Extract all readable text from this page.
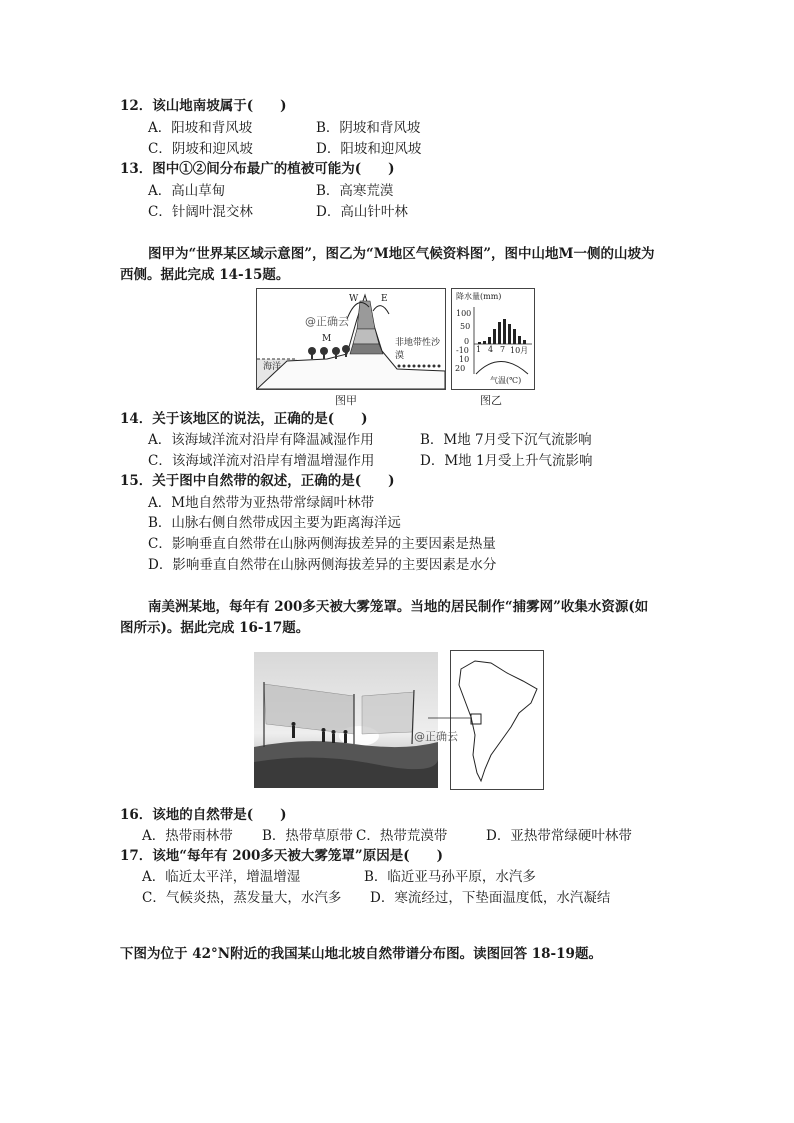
12．该山地南坡属于(　　)
A．阳坡和背风坡	B．阴坡和背风坡
C．阴坡和迎风坡	D．阳坡和迎风坡
13．图中①②间分布最广的植被可能为(　　)
A．高山草甸	B．高寒荒漠
C．针阔叶混交林	D．高山针叶林
图甲为“世界某区域示意图”，图乙为“M地区气候资料图”，图中山地M一侧的山坡为
西侧。据此完成 14-15题。
W	E
M
海洋
非地带性沙漠
@正确云
图甲
降水量(mm)
100
50
0
-10
10
20
1 4 7 10月
气温(℃)
图乙
14．关于该地区的说法，正确的是(　　)
A．该海域洋流对沿岸有降温减湿作用	B．M地 7月受下沉气流影响
C．该海域洋流对沿岸有增温增湿作用	D．M地 1月受上升气流影响
15．关于图中自然带的叙述，正确的是(　　)
A．M地自然带为亚热带常绿阔叶林带
B．山脉右侧自然带成因主要为距离海洋远
C．影响垂直自然带在山脉两侧海拔差异的主要因素是热量
D．影响垂直自然带在山脉两侧海拔差异的主要因素是水分
南美洲某地，每年有 200多天被大雾笼罩。当地的居民制作“捕雾网”收集水资源(如
图所示)。据此完成 16-17题。
@正确云
16．该地的自然带是(　　)
A．热带雨林带 B．热带草原带 C．热带荒漠带	D．亚热带常绿硬叶林带
17．该地“每年有 200多天被大雾笼罩”原因是(　　)
A．临近太平洋，增温增湿	B．临近亚马孙平原，水汽多
C．气候炎热，蒸发量大，水汽多 D．寒流经过，下垫面温度低，水汽凝结
下图为位于 42°N附近的我国某山地北坡自然带谱分布图。读图回答 18-19题。
